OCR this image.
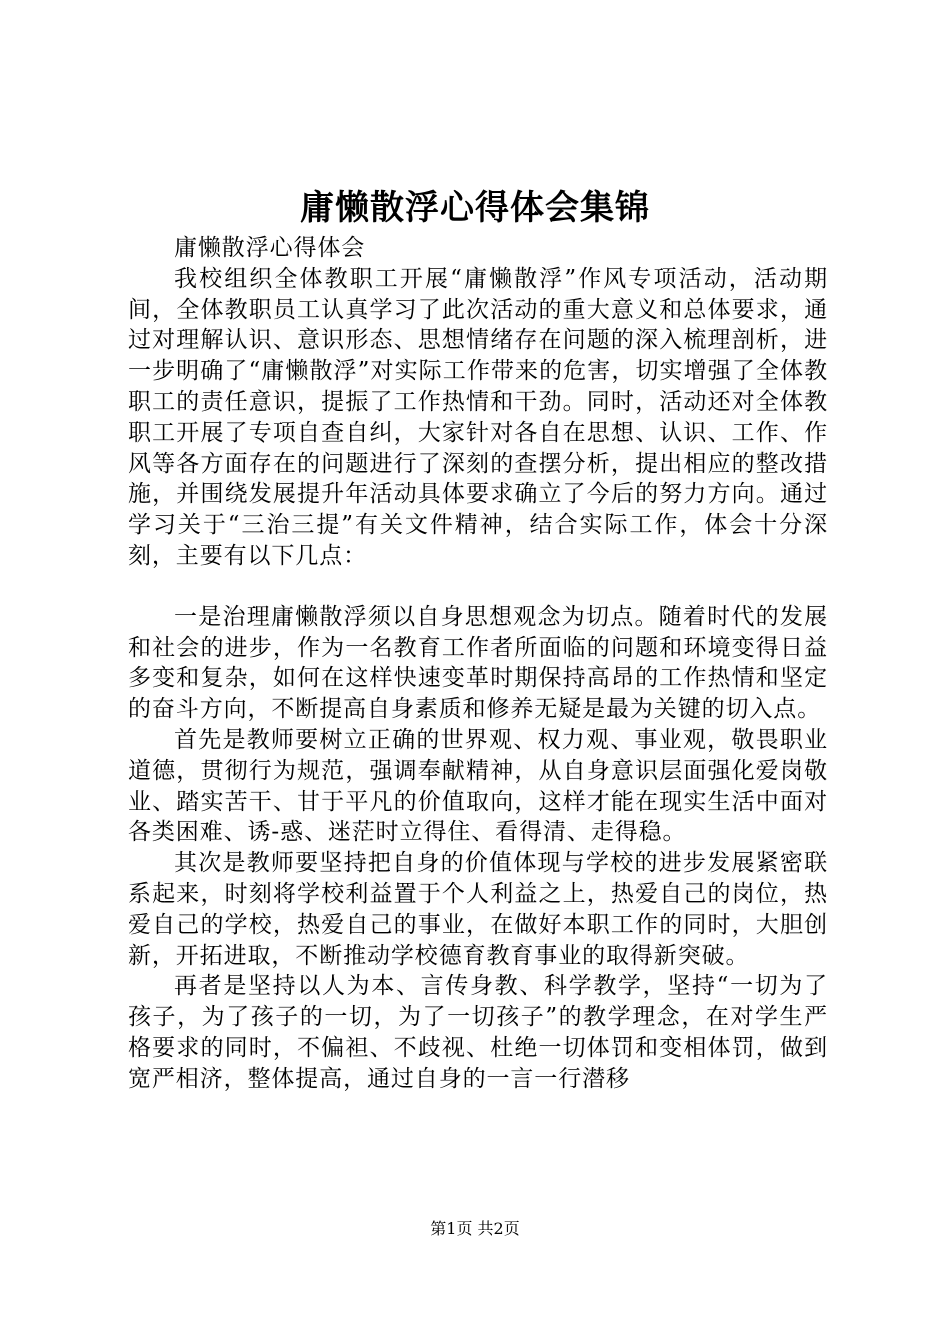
庸懒散浮心得体会集锦

庸懒散浮心得体会

我校组织全体教职工开展“庸懒散浮”作风专项活动，活动期间，全体教职员工认真学习了此次活动的重大意义和总体要求，通过对理解认识、意识形态、思想情绪存在问题的深入梳理剖析，进一步明确了“庸懒散浮”对实际工作带来的危害，切实增强了全体教职工的责任意识，提振了工作热情和干劲。同时，活动还对全体教职工开展了专项自查自纠，大家针对各自在思想、认识、工作、作风等各方面存在的问题进行了深刻的查摆分析，提出相应的整改措施，并围绕发展提升年活动具体要求确立了今后的努力方向。通过学习关于“三治三提”有关文件精神，结合实际工作，体会十分深刻，主要有以下几点：

一是治理庸懒散浮须以自身思想观念为切点。随着时代的发展和社会的进步，作为一名教育工作者所面临的问题和环境变得日益多变和复杂，如何在这样快速变革时期保持高昂的工作热情和坚定的奋斗方向，不断提高自身素质和修养无疑是最为关键的切入点。

首先是教师要树立正确的世界观、权力观、事业观，敬畏职业道德，贯彻行为规范，强调奉献精神，从自身意识层面强化爱岗敬业、踏实苦干、甘于平凡的价值取向，这样才能在现实生活中面对各类困难、诱-惑、迷茫时立得住、看得清、走得稳。

其次是教师要坚持把自身的价值体现与学校的进步发展紧密联系起来，时刻将学校利益置于个人利益之上，热爱自己的岗位，热爱自己的学校，热爱自己的事业，在做好本职工作的同时，大胆创新，开拓进取，不断推动学校德育教育事业的取得新突破。

再者是坚持以人为本、言传身教、科学教学，坚持“一切为了孩子，为了孩子的一切，为了一切孩子”的教学理念，在对学生严格要求的同时，不偏袒、不歧视、杜绝一切体罚和变相体罚，做到宽严相济，整体提高，通过自身的一言一行潜移

第1页 共2页
